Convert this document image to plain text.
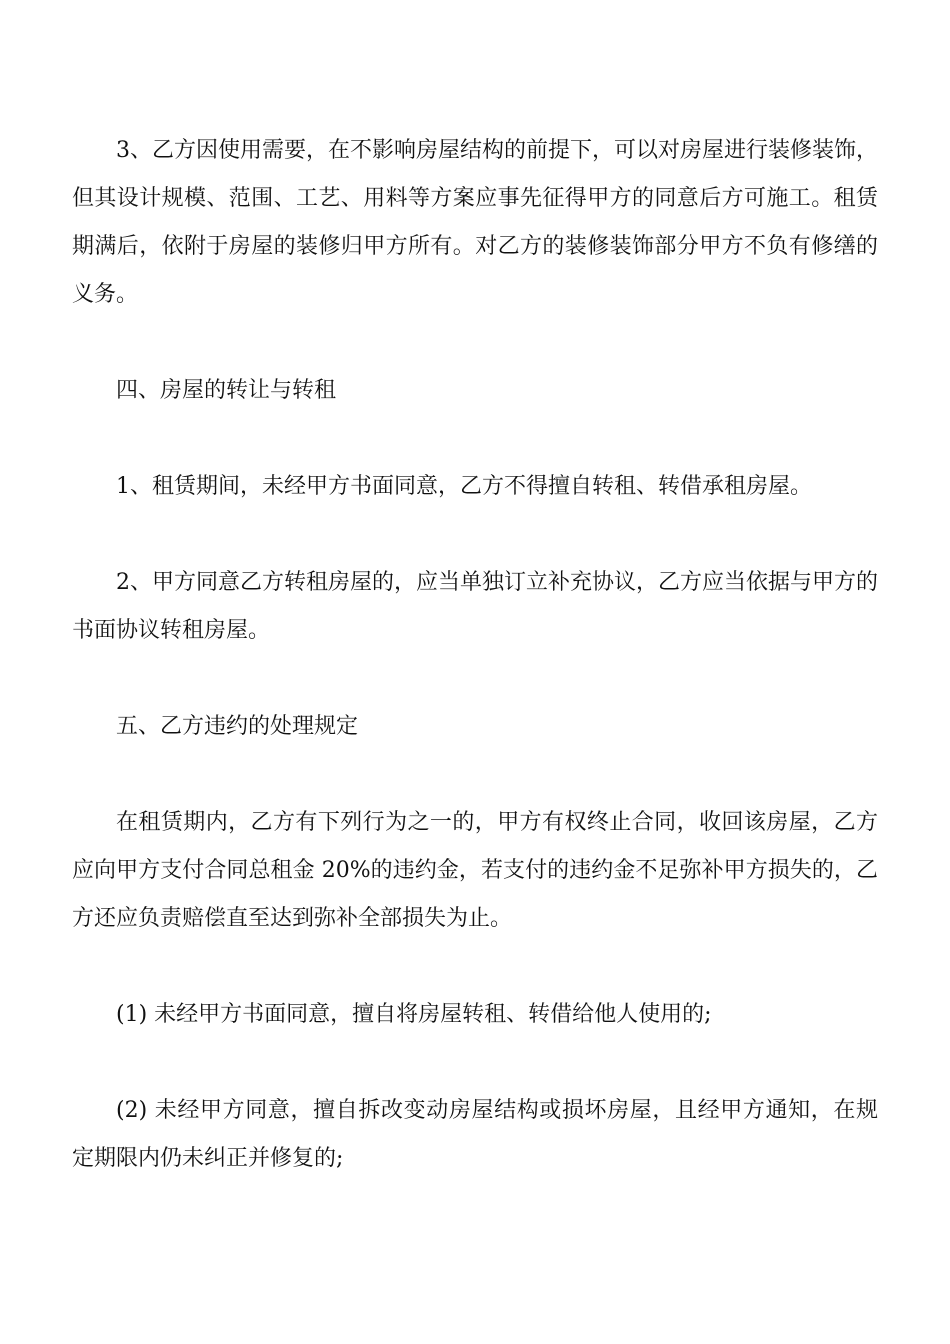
3、乙方因使用需要，在不影响房屋结构的前提下，可以对房屋进行装修装饰，但其设计规模、范围、工艺、用料等方案应事先征得甲方的同意后方可施工。租赁期满后，依附于房屋的装修归甲方所有。对乙方的装修装饰部分甲方不负有修缮的义务。

四、房屋的转让与转租

1、租赁期间，未经甲方书面同意，乙方不得擅自转租、转借承租房屋。

2、甲方同意乙方转租房屋的，应当单独订立补充协议，乙方应当依据与甲方的书面协议转租房屋。

五、乙方违约的处理规定

在租赁期内，乙方有下列行为之一的，甲方有权终止合同，收回该房屋，乙方应向甲方支付合同总租金 20%的违约金，若支付的违约金不足弥补甲方损失的，乙方还应负责赔偿直至达到弥补全部损失为止。

(1) 未经甲方书面同意，擅自将房屋转租、转借给他人使用的;

(2) 未经甲方同意，擅自拆改变动房屋结构或损坏房屋，且经甲方通知，在规定期限内仍未纠正并修复的;
